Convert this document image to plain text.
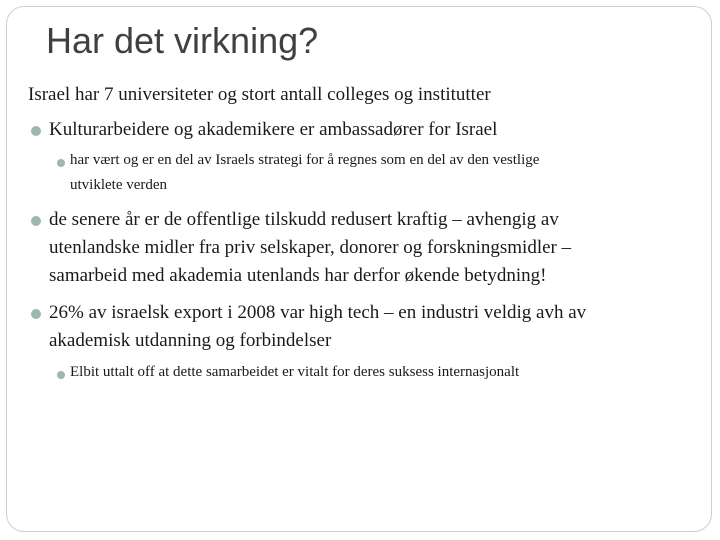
Har det virkning?
Israel har 7 universiteter og stort antall colleges og institutter
Kulturarbeidere og akademikere er ambassadører for Israel
har vært og er en del av Israels strategi for å regnes som en del av den vestlige
utviklete verden
de senere år er de offentlige tilskudd redusert kraftig – avhengig av
utenlandske midler fra priv selskaper, donorer og forskningsmidler –
samarbeid med akademia utenlands har derfor økende betydning!
26% av israelsk export i 2008 var high tech – en industri veldig avh av
akademisk utdanning og forbindelser
Elbit uttalt off at dette samarbeidet er vitalt for deres suksess internasjonalt
